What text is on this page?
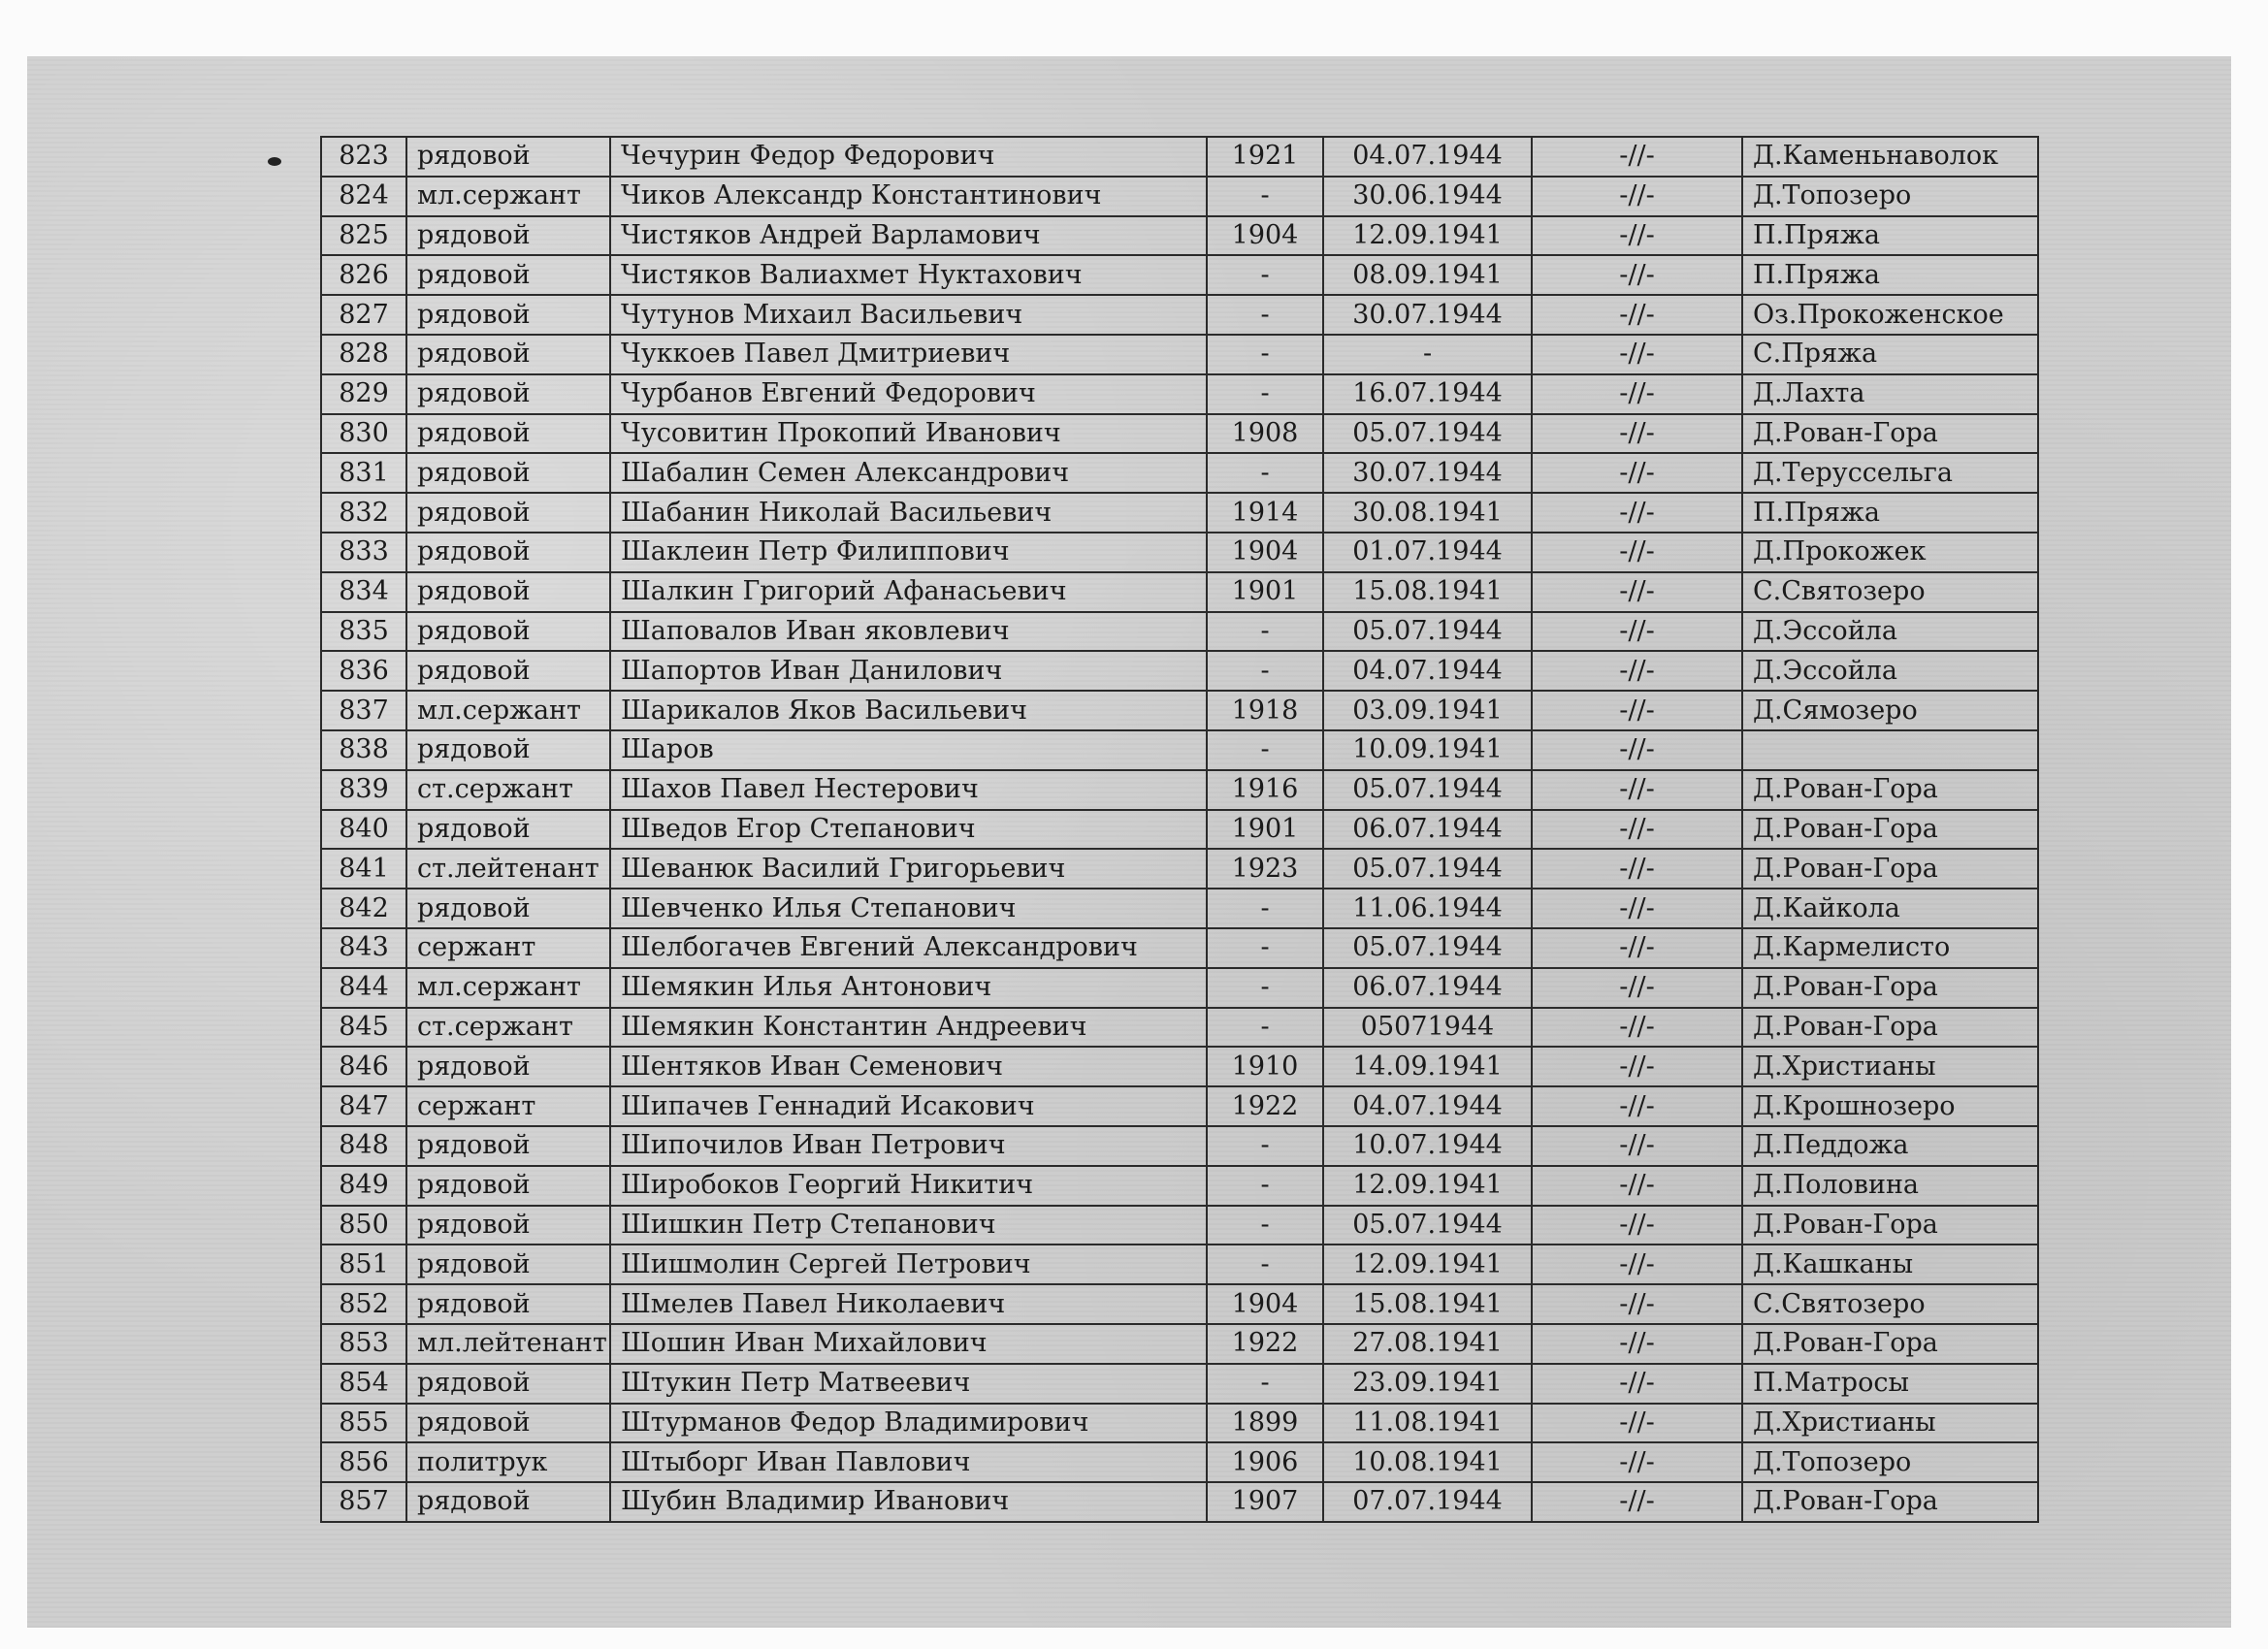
823	рядовой	Чечурин Федор Федорович	1921	04.07.1944	-//-	Д.Каменьнаволок
824	мл.сержант	Чиков Александр Константинович	-	30.06.1944	-//-	Д.Топозеро
825	рядовой	Чистяков Андрей Варламович	1904	12.09.1941	-//-	П.Пряжа
826	рядовой	Чистяков Валиахмет Нуктахович	-	08.09.1941	-//-	П.Пряжа
827	рядовой	Чутунов Михаил Васильевич	-	30.07.1944	-//-	Оз.Прокоженское
828	рядовой	Чуккоев Павел Дмитриевич	-	-	-//-	С.Пряжа
829	рядовой	Чурбанов Евгений Федорович	-	16.07.1944	-//-	Д.Лахта
830	рядовой	Чусовитин Прокопий Иванович	1908	05.07.1944	-//-	Д.Рован-Гора
831	рядовой	Шабалин Семен Александрович	-	30.07.1944	-//-	Д.Теруссельга
832	рядовой	Шабанин Николай Васильевич	1914	30.08.1941	-//-	П.Пряжа
833	рядовой	Шаклеин Петр Филиппович	1904	01.07.1944	-//-	Д.Прокожек
834	рядовой	Шалкин Григорий Афанасьевич	1901	15.08.1941	-//-	С.Святозеро
835	рядовой	Шаповалов Иван яковлевич	-	05.07.1944	-//-	Д.Эссойла
836	рядовой	Шапортов Иван Данилович	-	04.07.1944	-//-	Д.Эссойла
837	мл.сержант	Шарикалов Яков Васильевич	1918	03.09.1941	-//-	Д.Сямозеро
838	рядовой	Шаров	-	10.09.1941	-//-	
839	ст.сержант	Шахов Павел Нестерович	1916	05.07.1944	-//-	Д.Рован-Гора
840	рядовой	Шведов Егор Степанович	1901	06.07.1944	-//-	Д.Рован-Гора
841	ст.лейтенант	Шеванюк Василий Григорьевич	1923	05.07.1944	-//-	Д.Рован-Гора
842	рядовой	Шевченко Илья Степанович	-	11.06.1944	-//-	Д.Кайкола
843	сержант	Шелбогачев Евгений Александрович	-	05.07.1944	-//-	Д.Кармелисто
844	мл.сержант	Шемякин Илья Антонович	-	06.07.1944	-//-	Д.Рован-Гора
845	ст.сержант	Шемякин Константин Андреевич	-	05071944	-//-	Д.Рован-Гора
846	рядовой	Шентяков Иван Семенович	1910	14.09.1941	-//-	Д.Христианы
847	сержант	Шипачев Геннадий Исакович	1922	04.07.1944	-//-	Д.Крошнозеро
848	рядовой	Шипочилов Иван Петрович	-	10.07.1944	-//-	Д.Педдожа
849	рядовой	Широбоков Георгий Никитич	-	12.09.1941	-//-	Д.Половина
850	рядовой	Шишкин Петр Степанович	-	05.07.1944	-//-	Д.Рован-Гора
851	рядовой	Шишмолин Сергей Петрович	-	12.09.1941	-//-	Д.Кашканы
852	рядовой	Шмелев Павел Николаевич	1904	15.08.1941	-//-	С.Святозеро
853	мл.лейтенант	Шошин Иван Михайлович	1922	27.08.1941	-//-	Д.Рован-Гора
854	рядовой	Штукин Петр Матвеевич	-	23.09.1941	-//-	П.Матросы
855	рядовой	Штурманов Федор Владимирович	1899	11.08.1941	-//-	Д.Христианы
856	политрук	Штыборг Иван Павлович	1906	10.08.1941	-//-	Д.Топозеро
857	рядовой	Шубин Владимир Иванович	1907	07.07.1944	-//-	Д.Рован-Гора
